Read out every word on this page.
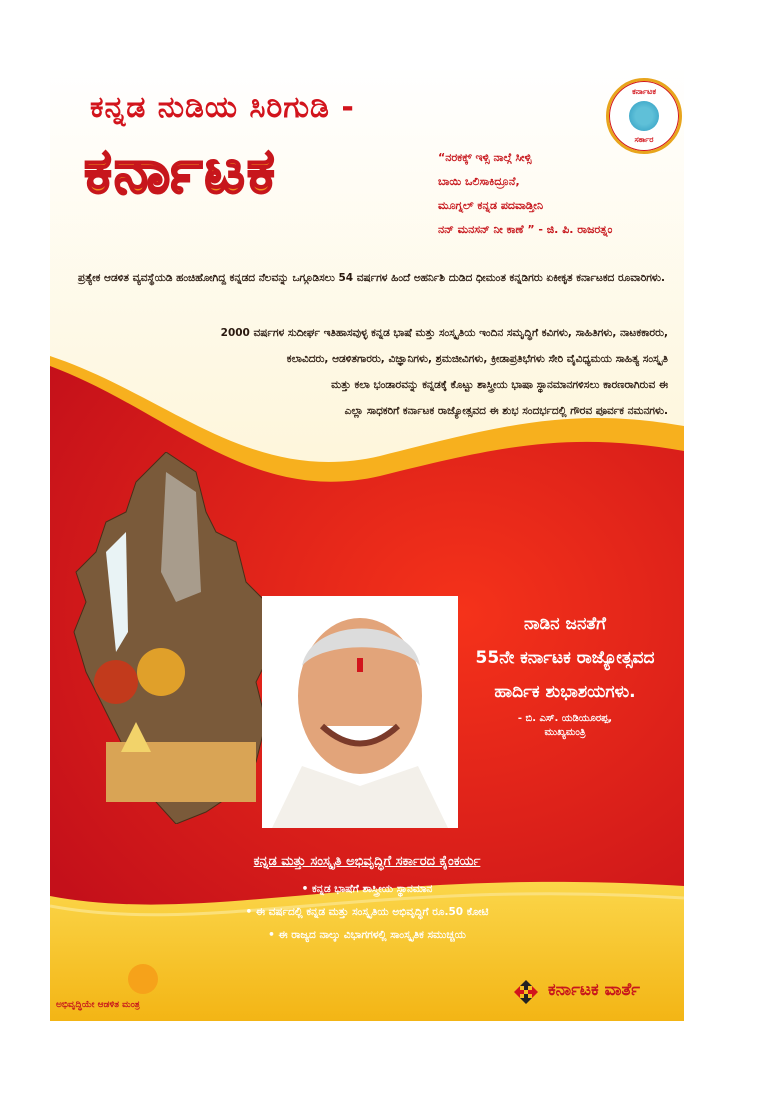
ಕನ್ನಡ ನುಡಿಯ ಸಿರಿಗುಡಿ -
ಕರ್ನಾಟಕ
ಕರ್ನಾಟಕ
ಸರ್ಕಾರ
“ನರಕಕ್ಕ್ ಇಳ್ಸಿ ನಾಲ್ಗೆ ಸೀಳ್ಸಿ
ಬಾಯಿ ಒಲಿಸಾಕಿದ್ರೂನೆ,
ಮೂಗ್ನಲ್ ಕನ್ನಡ ಪದವಾಡ್ತೀನಿ
ನನ್ ಮನಸನ್ ನೀ ಕಾಣೆ ” - ಜಿ. ಪಿ. ರಾಜರತ್ನಂ
ಪ್ರತ್ಯೇಕ ಆಡಳಿತ ವ್ಯವಸ್ಥೆಯಡಿ ಹಂಚಿಹೋಗಿದ್ದ ಕನ್ನಡದ ನೆಲವನ್ನು ಒಗ್ಗೂಡಿಸಲು 54 ವರ್ಷಗಳ ಹಿಂದೆ ಅಹರ್ನಿಶಿ ದುಡಿದ ಧೀಮಂತ ಕನ್ನಡಿಗರು ಏಕೀಕೃತ ಕರ್ನಾಟಕದ ರೂವಾರಿಗಳು.
2000 ವರ್ಷಗಳ ಸುದೀರ್ಘ ಇತಿಹಾಸವುಳ್ಳ ಕನ್ನಡ ಭಾಷೆ ಮತ್ತು ಸಂಸ್ಕೃತಿಯ ಇಂದಿನ ಸಮೃದ್ಧಿಗೆ ಕವಿಗಳು, ಸಾಹಿತಿಗಳು, ನಾಟಕಕಾರರು,
ಕಲಾವಿದರು, ಆಡಳಿತಗಾರರು, ವಿಜ್ಞಾನಿಗಳು, ಶ್ರಮಜೀವಿಗಳು, ಕ್ರೀಡಾಪ್ರತಿಭೆಗಳು ಸೇರಿ ವೈವಿಧ್ಯಮಯ ಸಾಹಿತ್ಯ ಸಂಸ್ಕೃತಿ
ಮತ್ತು ಕಲಾ ಭಂಡಾರವನ್ನು ಕನ್ನಡಕ್ಕೆ ಕೊಟ್ಟು ಶಾಸ್ತ್ರೀಯ ಭಾಷಾ ಸ್ಥಾನಮಾನಗಳಿಸಲು ಕಾರಣರಾಗಿರುವ ಈ
ಎಲ್ಲಾ ಸಾಧಕರಿಗೆ ಕರ್ನಾಟಕ ರಾಜ್ಯೋತ್ಸವದ ಈ ಶುಭ ಸಂದರ್ಭದಲ್ಲಿ ಗೌರವ ಪೂರ್ವಕ ನಮನಗಳು.
ನಾಡಿನ ಜನತೆಗೆ
55ನೇ ಕರ್ನಾಟಕ ರಾಜ್ಯೋತ್ಸವದ
ಹಾರ್ದಿಕ ಶುಭಾಶಯಗಳು.
- ಬಿ. ಎಸ್. ಯಡಿಯೂರಪ್ಪ,
ಮುಖ್ಯಮಂತ್ರಿ
ಕನ್ನಡ ಮತ್ತು ಸಂಸ್ಕೃತಿ ಅಭಿವೃದ್ಧಿಗೆ ಸರ್ಕಾರದ ಕೈಂಕರ್ಯ
• ಕನ್ನಡ ಭಾಷೆಗೆ ಶಾಸ್ತ್ರೀಯ ಸ್ಥಾನಮಾನ
• ಈ ವರ್ಷದಲ್ಲಿ ಕನ್ನಡ ಮತ್ತು ಸಂಸ್ಕೃತಿಯ ಅಭಿವೃದ್ಧಿಗೆ ರೂ.50 ಕೋಟಿ
• ಈ ರಾಜ್ಯದ ನಾಲ್ಕು ವಿಭಾಗಗಳಲ್ಲಿ ಸಾಂಸ್ಕೃತಿಕ ಸಮುಚ್ಚಯ
ಅಭಿವೃದ್ಧಿಯೇ ಆಡಳಿತ ಮಂತ್ರ
ಕರ್ನಾಟಕ ವಾರ್ತೆ
